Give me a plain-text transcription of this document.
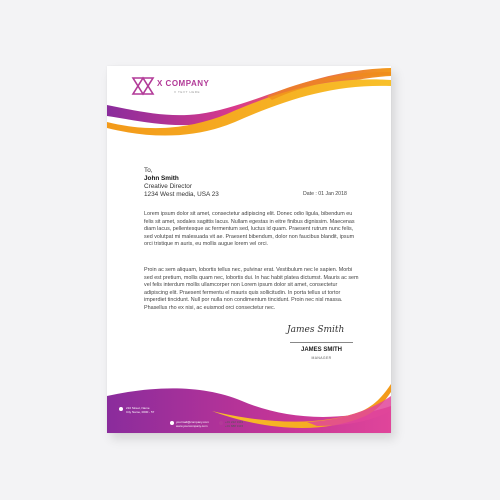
X COMPANY
X TEXT HERE
To,
John Smith
Creative Director
1234 West media, USA 23	Date : 01 Jan 2018

Lorem ipsum dolor sit amet, consectetur adipiscing elit. Donec odio ligula, bibendum eu felis sit amet, sodales sagittis lacus. Nullam egestas in eitre finibus dignissim. Maecenas diam lacus, pellentesque ac fermentum sed, luctus id quam. Praesent rutrum nunc felis, sed volutpat mi malesuada vit ae. Praesent bibendum, dolor non faucibus blandit, ipsum orci tristique m auris, eu mollis augue lorem vel orci.

Proin ac sem aliquam, lobortis tellus nec, pulvinar erat. Vestibulum nec le sapien. Morbi sed est pretium, mollis quam nec, lobortis dui. In hac habit platea dictumst. Mauris ac sem vel felis interdum mollis ullamcorper non Lorem ipsum dolor sit amet, consectetur adipiscing elit. Praesent fermentu el mauris quis sollicitudin. In porta tellus ut tortor imperdiet tincidunt. Null por nulla non condimentum tincidunt. Proin nec nisl massa. Phasellus rho ex nisi, ac euismod orci consectetur nec.

James Smith
JAMES SMITH
MANAGER
210 Street, Name
City Name, 0000 - 57
yourmail@company.com
www.yourcompany.com
+01 222 3115
+01 888 3115
